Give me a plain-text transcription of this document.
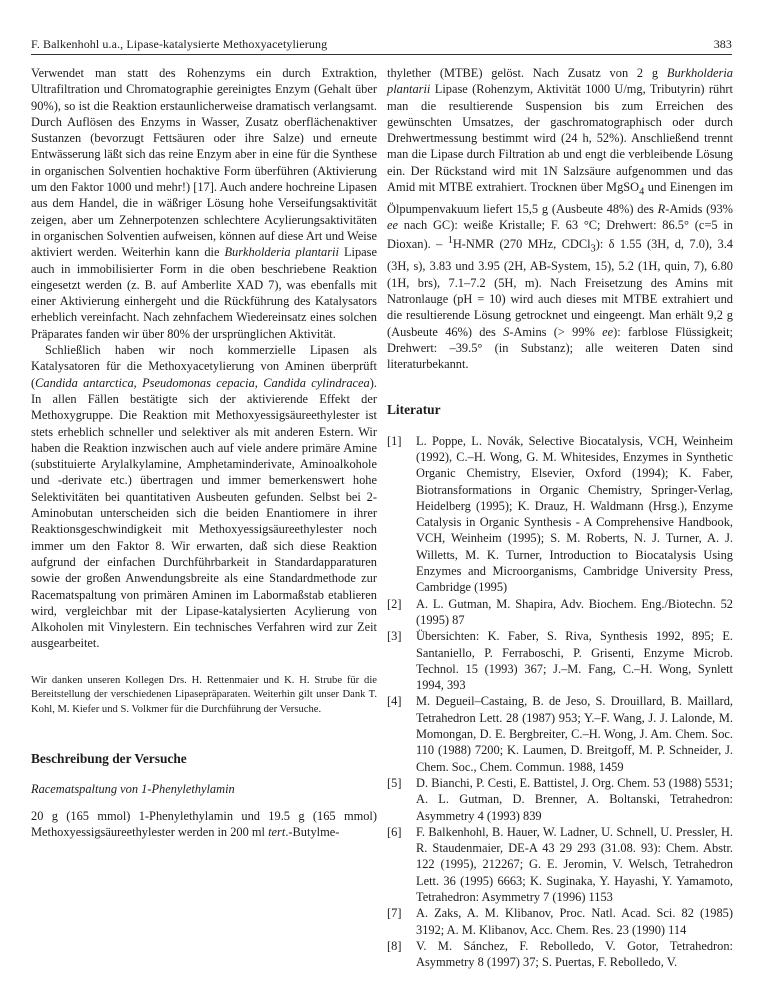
F. Balkenhohl u.a., Lipase-katalysierte Methoxyacetylierung	383

Verwendet man statt des Rohenzyms ein durch Extraktion, Ultrafiltration und Chromatographie gereinigtes Enzym (Gehalt über 90%), so ist die Reaktion erstaunlicherweise dramatisch verlangsamt. Durch Auflösen des Enzyms in Wasser, Zusatz oberflächenaktiver Sustanzen (bevorzugt Fettsäuren oder ihre Salze) und erneute Entwässerung läßt sich das reine Enzym aber in eine für die Synthese in organischen Solventien hochaktive Form überführen (Aktivierung um den Faktor 1000 und mehr!) [17]. Auch andere hochreine Lipasen aus dem Handel, die in wäßriger Lösung hohe Verseifungsaktivität zeigen, aber um Zehnerpotenzen schlechtere Acylierungsaktivitäten in organischen Solventien aufweisen, können auf diese Art und Weise aktiviert werden. Weiterhin kann die Burkholderia plantarii Lipase auch in immobilisierter Form in die oben beschriebene Reaktion eingesetzt werden (z. B. auf Amberlite XAD 7), was ebenfalls mit einer Aktivierung einhergeht und die Rückführung des Katalysators erheblich vereinfacht. Nach zehnfachem Wiedereinsatz eines solchen Präparates fanden wir über 80% der ursprünglichen Aktivität.

Schließlich haben wir noch kommerzielle Lipasen als Katalysatoren für die Methoxyacetylierung von Aminen überprüft (Candida antarctica, Pseudomonas cepacia, Candida cylindracea). In allen Fällen bestätigte sich der aktivierende Effekt der Methoxygruppe. Die Reaktion mit Methoxyessigsäureethylester ist stets erheblich schneller und selektiver als mit anderen Estern. Wir haben die Reaktion inzwischen auch auf viele andere primäre Amine (substituierte Arylalkylamine, Amphetaminderivate, Aminoalkohole und -derivate etc.) übertragen und immer bemerkenswert hohe Selektivitäten bei quantitativen Ausbeuten gefunden. Selbst bei 2-Aminobutan unterscheiden sich die beiden Enantiomere in ihrer Reaktionsgeschwindigkeit mit Methoxyessigsäureethylester noch immer um den Faktor 8. Wir erwarten, daß sich diese Reaktion aufgrund der einfachen Durchführbarkeit in Standardapparaturen sowie der großen Anwendungsbreite als eine Standardmethode zur Racematspaltung von primären Aminen im Labormaßstab etablieren wird, vergleichbar mit der Lipase-katalysierten Acylierung von Alkoholen mit Vinylestern. Ein technisches Verfahren wird zur Zeit ausgearbeitet.

Wir danken unseren Kollegen Drs. H. Rettenmaier und K. H. Strube für die Bereitstellung der verschiedenen Lipasepräparaten. Weiterhin gilt unser Dank T. Kohl, M. Kiefer und S. Volkmer für die Durchführung der Versuche.

Beschreibung der Versuche

Racematspaltung von 1-Phenylethylamin

20 g (165 mmol) 1-Phenylethylamin und 19.5 g (165 mmol) Methoxyessigsäureethylester werden in 200 ml tert.-Butylme-

thylether (MTBE) gelöst. Nach Zusatz von 2 g Burkholderia plantarii Lipase (Rohenzym, Aktivität 1000 U/mg, Tributyrin) rührt man die resultierende Suspension bis zum Erreichen des gewünschten Umsatzes, der gaschromatographisch oder durch Drehwertmessung bestimmt wird (24 h, 52%). Anschließend trennt man die Lipase durch Filtration ab und engt die verbleibende Lösung ein. Der Rückstand wird mit 1N Salzsäure aufgenommen und das Amid mit MTBE extrahiert. Trocknen über MgSO$_4$ und Einengen im Ölpumpenvakuum liefert 15,5 g (Ausbeute 48%) des R-Amids (93% ee nach GC): weiße Kristalle; F. 63 °C; Drehwert: 86.5° (c=5 in Dioxan). – $^1$H-NMR (270 MHz, CDCl$_3$): δ 1.55 (3H, d, 7.0), 3.4 (3H, s), 3.83 und 3.95 (2H, AB-System, 15), 5.2 (1H, quin, 7), 6.80 (1H, brs), 7.1–7.2 (5H, m). Nach Freisetzung des Amins mit Natronlauge (pH = 10) wird auch dieses mit MTBE extrahiert und die resultierende Lösung getrocknet und eingeengt. Man erhält 9,2 g (Ausbeute 46%) des S-Amins (> 99% ee): farblose Flüssigkeit; Drehwert: –39.5° (in Substanz); alle weiteren Daten sind literaturbekannt.

Literatur
[1] L. Poppe, L. Novák, Selective Biocatalysis, VCH, Weinheim (1992), C.–H. Wong, G. M. Whitesides, Enzymes in Synthetic Organic Chemistry, Elsevier, Oxford (1994); K. Faber, Biotransformations in Organic Chemistry, Springer-Verlag, Heidelberg (1995); K. Drauz, H. Waldmann (Hrsg.), Enzyme Catalysis in Organic Synthesis - A Comprehensive Handbook, VCH, Weinheim (1995); S. M. Roberts, N. J. Turner, A. J. Willetts, M. K. Turner, Introduction to Biocatalysis Using Enzymes and Microorganisms, Cambridge University Press, Cambridge (1995)
[2] A. L. Gutman, M. Shapira, Adv. Biochem. Eng./Biotechn. 52 (1995) 87
[3] Übersichten: K. Faber, S. Riva, Synthesis 1992, 895; E. Santaniello, P. Ferraboschi, P. Grisenti, Enzyme Microb. Technol. 15 (1993) 367; J.–M. Fang, C.–H. Wong, Synlett 1994, 393
[4] M. Degueil–Castaing, B. de Jeso, S. Drouillard, B. Maillard, Tetrahedron Lett. 28 (1987) 953; Y.–F. Wang, J. J. Lalonde, M. Momongan, D. E. Bergbreiter, C.–H. Wong, J. Am. Chem. Soc. 110 (1988) 7200; K. Laumen, D. Breitgoff, M. P. Schneider, J. Chem. Soc., Chem. Commun. 1988, 1459
[5] D. Bianchi, P. Cesti, E. Battistel, J. Org. Chem. 53 (1988) 5531; A. L. Gutman, D. Brenner, A. Boltanski, Tetrahedron: Asymmetry 4 (1993) 839
[6] F. Balkenhohl, B. Hauer, W. Ladner, U. Schnell, U. Pressler, H. R. Staudenmaier, DE-A 43 29 293 (31.08. 93): Chem. Abstr. 122 (1995), 212267; G. E. Jeromin, V. Welsch, Tetrahedron Lett. 36 (1995) 6663; K. Suginaka, Y. Hayashi, Y. Yamamoto, Tetrahedron: Asymmetry 7 (1996) 1153
[7] A. Zaks, A. M. Klibanov, Proc. Natl. Acad. Sci. 82 (1985) 3192; A. M. Klibanov, Acc. Chem. Res. 23 (1990) 114
[8] V. M. Sánchez, F. Rebolledo, V. Gotor, Tetrahedron: Asymmetry 8 (1997) 37; S. Puertas, F. Rebolledo, V.
